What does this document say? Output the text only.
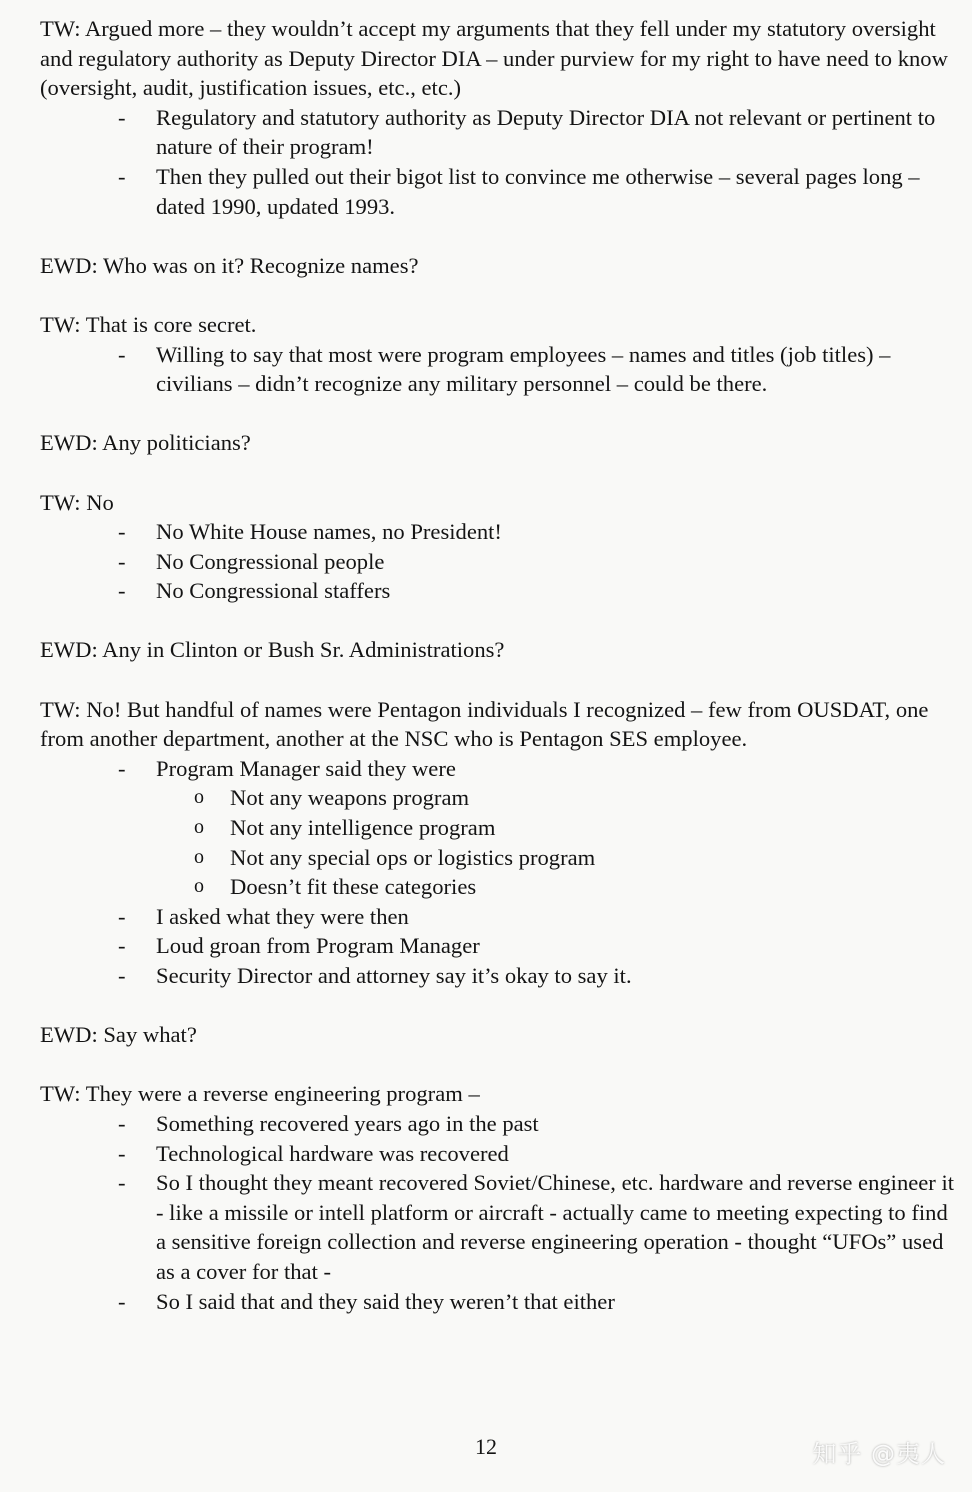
TW: Argued more – they wouldn’t accept my arguments that they fell under my statutory oversight and regulatory authority as Deputy Director DIA – under purview for my right to have need to know (oversight, audit, justification issues, etc., etc.)

- Regulatory and statutory authority as Deputy Director DIA not relevant or pertinent to nature of their program!
- Then they pulled out their bigot list to convince me otherwise – several pages long – dated 1990, updated 1993.

EWD: Who was on it? Recognize names?

TW: That is core secret.

- Willing to say that most were program employees – names and titles (job titles) – civilians – didn’t recognize any military personnel – could be there.

EWD: Any politicians?

TW: No

- No White House names, no President!
- No Congressional people
- No Congressional staffers

EWD: Any in Clinton or Bush Sr. Administrations?

TW: No! But handful of names were Pentagon individuals I recognized – few from OUSDAT, one from another department, another at the NSC who is Pentagon SES employee.

- Program Manager said they were
o Not any weapons program
o Not any intelligence program
o Not any special ops or logistics program
o Doesn’t fit these categories
- I asked what they were then
- Loud groan from Program Manager
- Security Director and attorney say it’s okay to say it.

EWD: Say what?

TW: They were a reverse engineering program –

- Something recovered years ago in the past
- Technological hardware was recovered
- So I thought they meant recovered Soviet/Chinese, etc. hardware and reverse engineer it - like a missile or intell platform or aircraft - actually came to meeting expecting to find a sensitive foreign collection and reverse engineering operation - thought “UFOs” used as a cover for that -
- So I said that and they said they weren’t that either
12	知乎 @夷人
